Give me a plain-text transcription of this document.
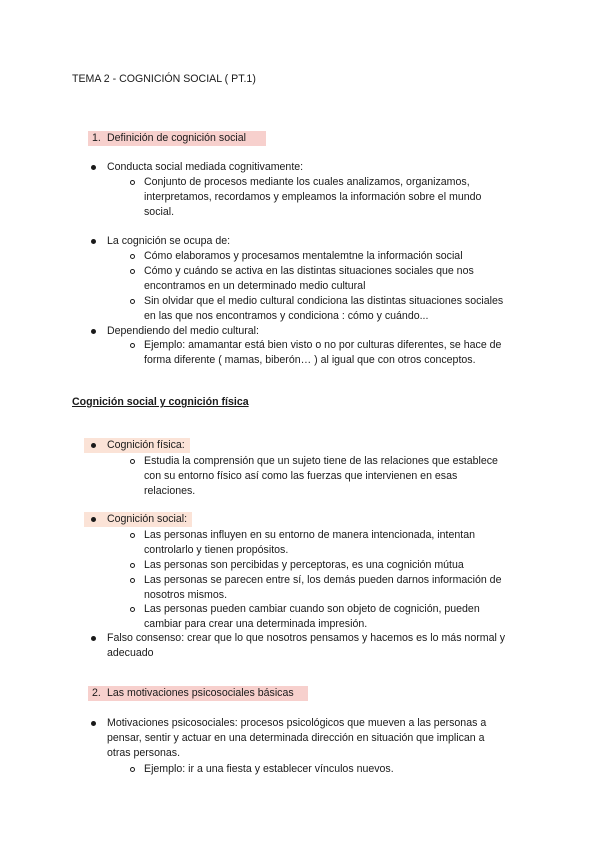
TEMA 2 - COGNICIÓN SOCIAL ( PT.1)
1. Definición de cognición social
Conducta social mediada cognitivamente:
Conjunto de procesos mediante los cuales analizamos, organizamos,
interpretamos, recordamos y empleamos la información sobre el mundo
social.
La cognición se ocupa de:
Cómo elaboramos y procesamos mentalemtne la información social
Cómo y cuándo se activa en las distintas situaciones sociales que nos
encontramos en un determinado medio cultural
Sin olvidar que el medio cultural condiciona las distintas situaciones sociales
en las que nos encontramos y condiciona : cómo y cuándo...
Dependiendo del medio cultural:
Ejemplo: amamantar está bien visto o no por culturas diferentes, se hace de
forma diferente ( mamas, biberón… ) al igual que con otros conceptos.
Cognición social y cognición física
Cognición física:
Estudia la comprensión que un sujeto tiene de las relaciones que establece
con su entorno físico así como las fuerzas que intervienen en esas
relaciones.
Cognición social:
Las personas influyen en su entorno de manera intencionada, intentan
controlarlo y tienen propósitos.
Las personas son percibidas y perceptoras, es una cognición mútua
Las personas se parecen entre sí, los demás pueden darnos información de
nosotros mismos.
Las personas pueden cambiar cuando son objeto de cognición, pueden
cambiar para crear una determinada impresión.
Falso consenso: crear que lo que nosotros pensamos y hacemos es lo más normal y
adecuado
2. Las motivaciones psicosociales básicas
Motivaciones psicosociales: procesos psicológicos que mueven a las personas a
pensar, sentir y actuar en una determinada dirección en situación que implican a
otras personas.
Ejemplo: ir a una fiesta y establecer vínculos nuevos.
